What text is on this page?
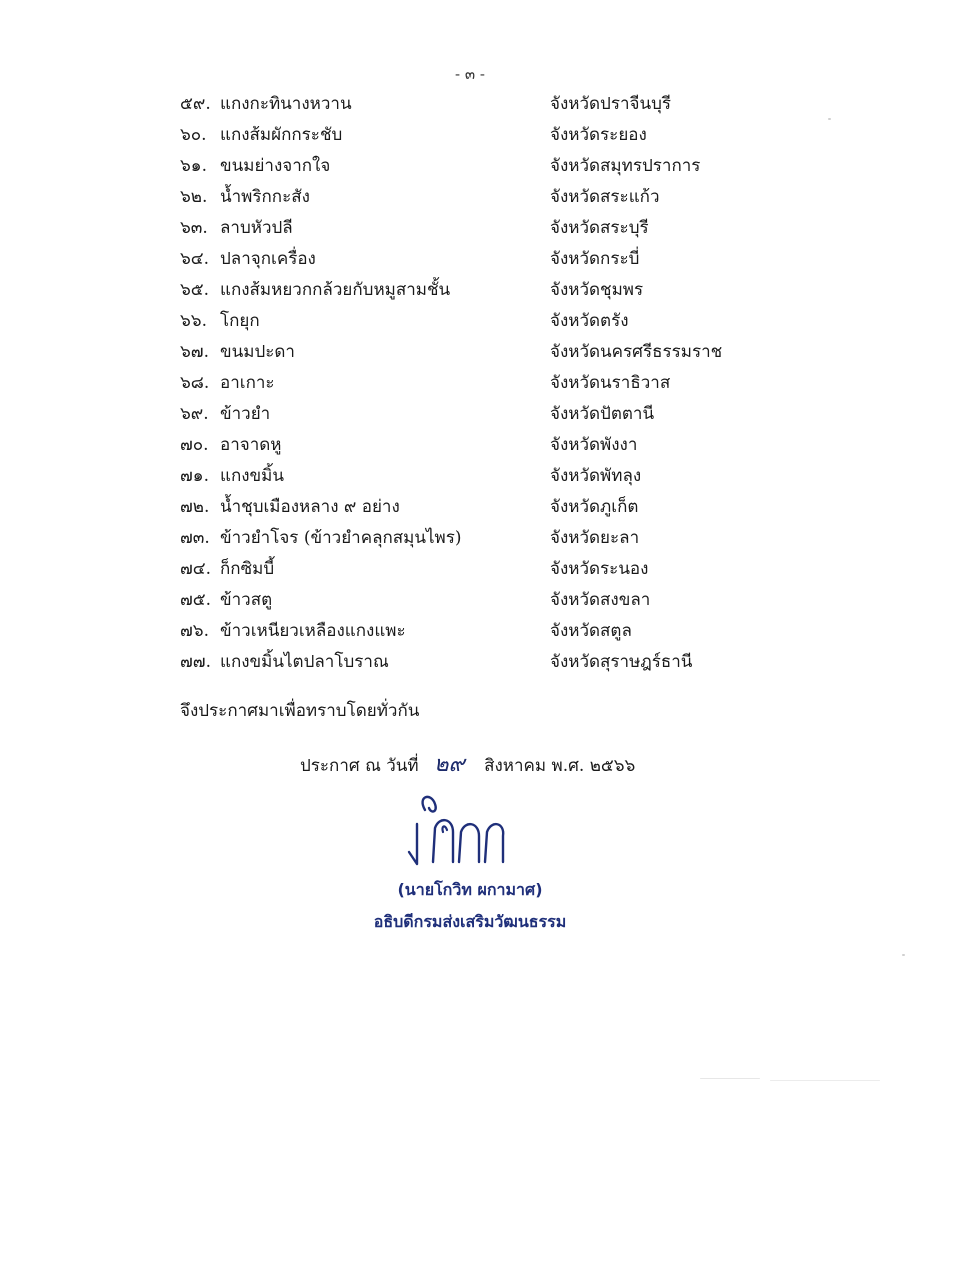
- ๓ -
๕๙. แกงกะทินางหวาน	จังหวัดปราจีนบุรี
๖๐. แกงส้มผักกระชับ	จังหวัดระยอง
๖๑. ขนมย่างจากใจ	จังหวัดสมุทรปราการ
๖๒. น้ำพริกกะสัง	จังหวัดสระแก้ว
๖๓. ลาบหัวปลี	จังหวัดสระบุรี
๖๔. ปลาจุกเครื่อง	จังหวัดกระบี่
๖๕. แกงส้มหยวกกล้วยกับหมูสามชั้น	จังหวัดชุมพร
๖๖. โกยุก	จังหวัดตรัง
๖๗. ขนมปะดา	จังหวัดนครศรีธรรมราช
๖๘. อาเกาะ	จังหวัดนราธิวาส
๖๙. ข้าวยำ	จังหวัดปัตตานี
๗๐. อาจาดหู	จังหวัดพังงา
๗๑. แกงขมิ้น	จังหวัดพัทลุง
๗๒. น้ำชุบเมืองหลาง ๙ อย่าง	จังหวัดภูเก็ต
๗๓. ข้าวยำโจร (ข้าวยำคลุกสมุนไพร)	จังหวัดยะลา
๗๔. ก็กซิมบี้	จังหวัดระนอง
๗๕. ข้าวสตู	จังหวัดสงขลา
๗๖. ข้าวเหนียวเหลืองแกงแพะ	จังหวัดสตูล
๗๗. แกงขมิ้นไตปลาโบราณ	จังหวัดสุราษฎร์ธานี
จึงประกาศมาเพื่อทราบโดยทั่วกัน
ประกาศ ณ วันที่ ๒๙ สิงหาคม พ.ศ. ๒๕๖๖
(นายโกวิท ผกามาศ)
อธิบดีกรมส่งเสริมวัฒนธรรม
